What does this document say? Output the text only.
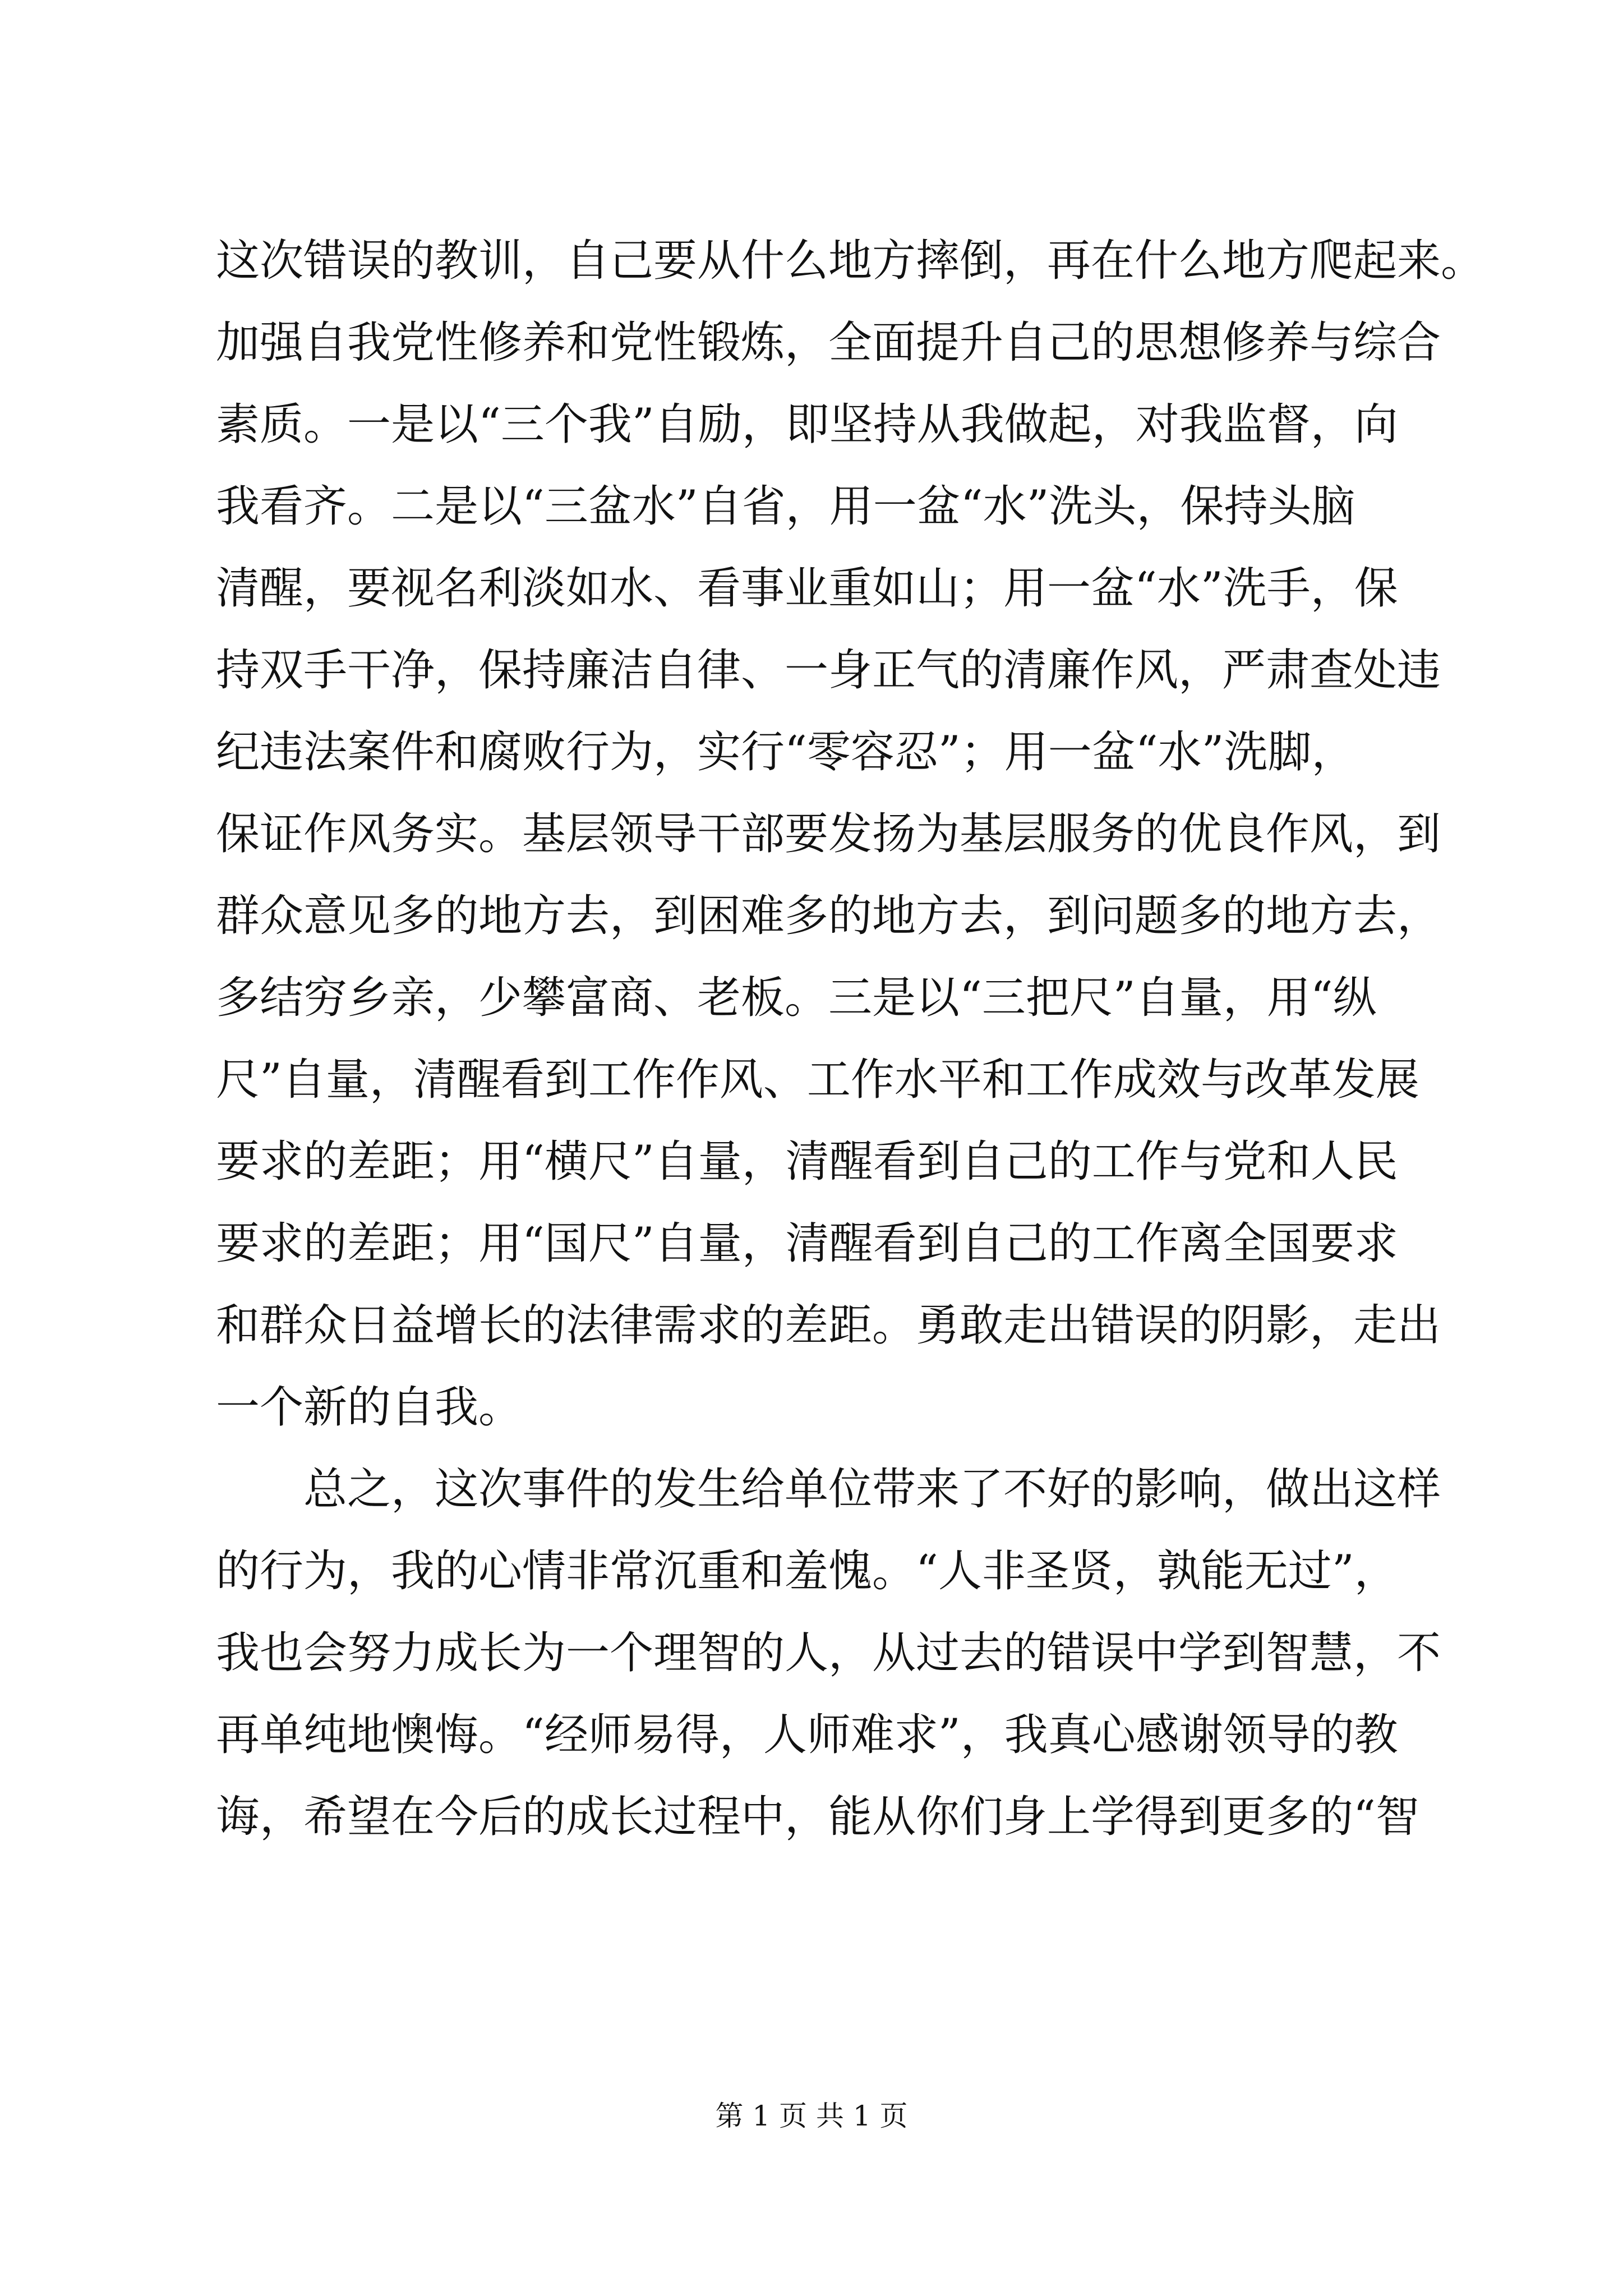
这次错误的教训，自己要从什么地方摔倒，再在什么地方爬起来。
加强自我党性修养和党性锻炼，全面提升自己的思想修养与综合
素质。一是以“三个我”自励，即坚持从我做起，对我监督，向
我看齐。二是以“三盆水”自省，用一盆“水”洗头，保持头脑
清醒，要视名利淡如水、看事业重如山；用一盆“水”洗手，保
持双手干净，保持廉洁自律、一身正气的清廉作风，严肃查处违
纪违法案件和腐败行为，实行“零容忍”；用一盆“水”洗脚，
保证作风务实。基层领导干部要发扬为基层服务的优良作风，到
群众意见多的地方去，到困难多的地方去，到问题多的地方去，
多结穷乡亲，少攀富商、老板。三是以“三把尺”自量，用“纵
尺”自量，清醒看到工作作风、工作水平和工作成效与改革发展
要求的差距；用“横尺”自量，清醒看到自己的工作与党和人民
要求的差距；用“国尺”自量，清醒看到自己的工作离全国要求
和群众日益增长的法律需求的差距。勇敢走出错误的阴影，走出
一个新的自我。
总之，这次事件的发生给单位带来了不好的影响，做出这样
的行为，我的心情非常沉重和羞愧。“人非圣贤，孰能无过”，
我也会努力成长为一个理智的人，从过去的错误中学到智慧，不
再单纯地懊悔。“经师易得，人师难求”，我真心感谢领导的教
诲，希望在今后的成长过程中，能从你们身上学得到更多的“智
第 1 页 共 1 页
